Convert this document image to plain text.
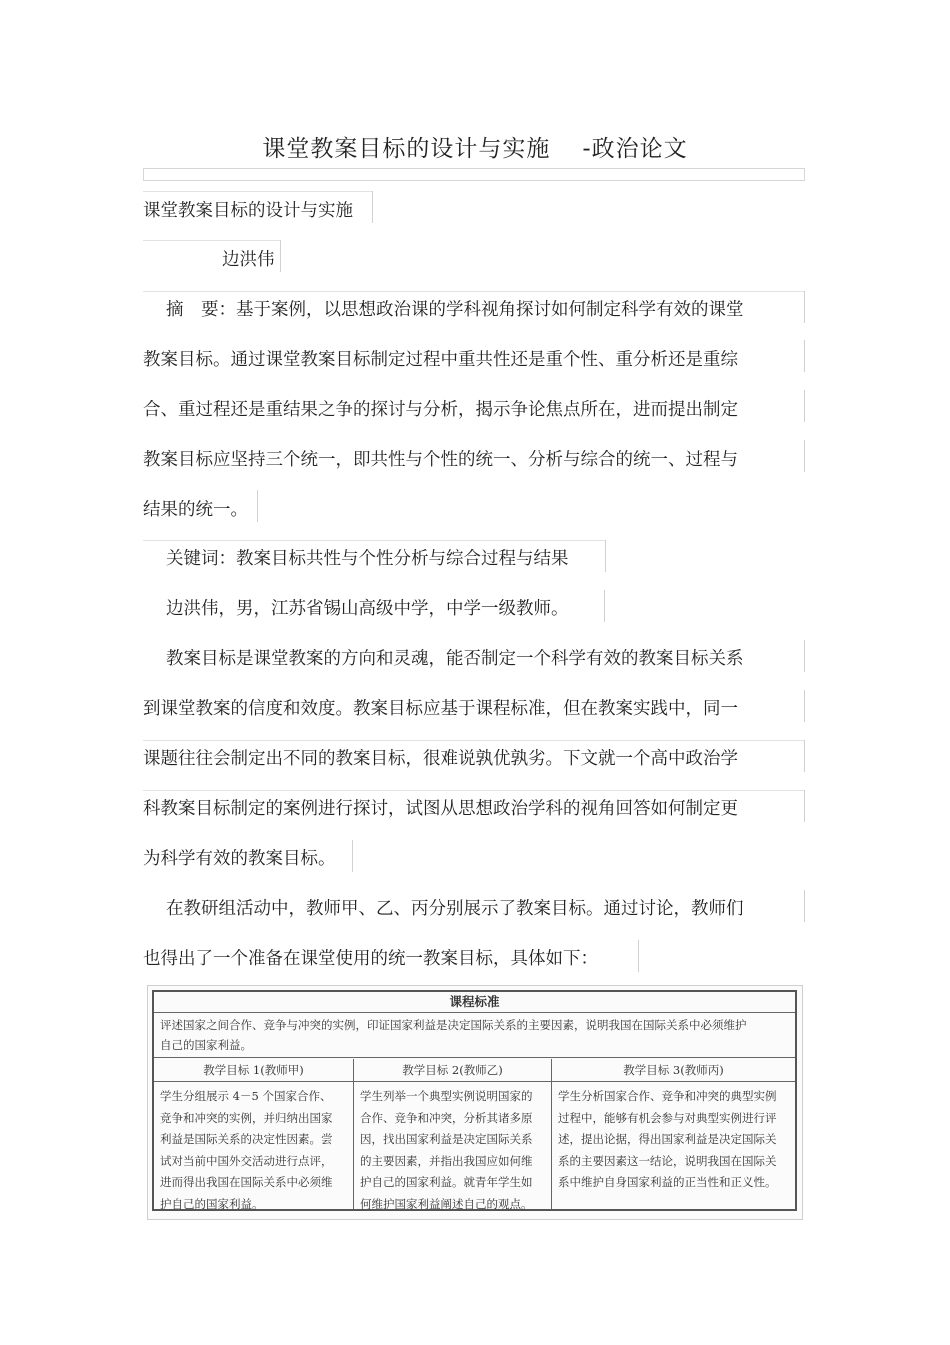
课堂教案目标的设计与实施 -政治论文
课堂教案目标的设计与实施
边洪伟
摘　要：基于案例，以思想政治课的学科视角探讨如何制定科学有效的课堂
教案目标。通过课堂教案目标制定过程中重共性还是重个性、重分析还是重综
合、重过程还是重结果之争的探讨与分析，揭示争论焦点所在，进而提出制定
教案目标应坚持三个统一，即共性与个性的统一、分析与综合的统一、过程与
结果的统一。
关键词：教案目标共性与个性分析与综合过程与结果
边洪伟，男，江苏省锡山高级中学，中学一级教师。
教案目标是课堂教案的方向和灵魂，能否制定一个科学有效的教案目标关系
到课堂教案的信度和效度。教案目标应基于课程标准，但在教案实践中，同一
课题往往会制定出不同的教案目标，很难说孰优孰劣。下文就一个高中政治学
科教案目标制定的案例进行探讨，试图从思想政治学科的视角回答如何制定更
为科学有效的教案目标。
在教研组活动中，教师甲、乙、丙分别展示了教案目标。通过讨论，教师们
也得出了一个准备在课堂使用的统一教案目标，具体如下：
课程标准
评述国家之间合作、竞争与冲突的实例，印证国家利益是决定国际关系的主要因素，说明我国在国际关系中必须维护
自己的国家利益。
教学目标 1(教师甲)
学生分组展示 4－5 个国家合作、
竞争和冲突的实例，并归纳出国家
利益是国际关系的决定性因素。尝
试对当前中国外交活动进行点评，
进而得出我国在国际关系中必须维
护自己的国家利益。
教学目标 2(教师乙)
学生列举一个典型实例说明国家的
合作、竞争和冲突，分析其诸多原
因，找出国家利益是决定国际关系
的主要因素，并指出我国应如何维
护自己的国家利益。就青年学生如
何维护国家利益阐述自己的观点。
教学目标 3(教师丙)
学生分析国家合作、竞争和冲突的典型实例
过程中，能够有机会参与对典型实例进行评
述，提出论据，得出国家利益是决定国际关
系的主要因素这一结论，说明我国在国际关
系中维护自身国家利益的正当性和正义性。
